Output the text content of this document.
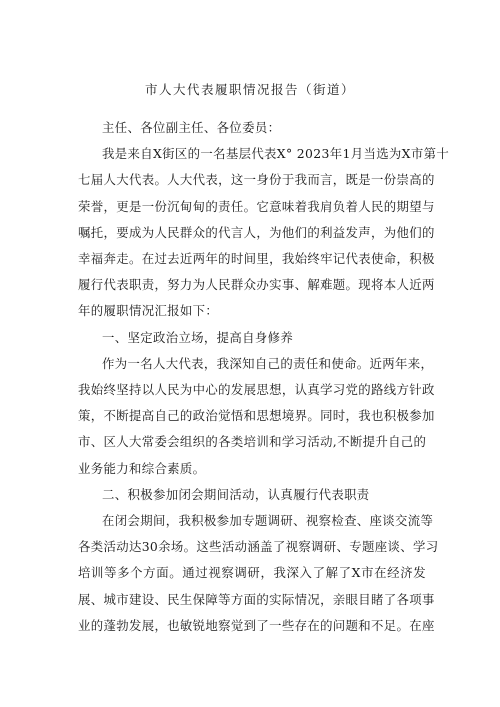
市人大代表履职情况报告（街道）
主任、各位副主任、各位委员：
我是来自X街区的一名基层代表X° 2023年1月当选为X市第十
七届人大代表。人大代表，这一身份于我而言，既是一份崇高的
荣誉，更是一份沉甸甸的责任。它意味着我肩负着人民的期望与
嘱托，要成为人民群众的代言人，为他们的利益发声，为他们的
幸福奔走。在过去近两年的时间里，我始终牢记代表使命，积极
履行代表职责，努力为人民群众办实事、解难题。现将本人近两
年的履职情况汇报如下：
一、坚定政治立场，提高自身修养
作为一名人大代表，我深知自己的责任和使命。近两年来，
我始终坚持以人民为中心的发展思想，认真学习党的路线方针政
策，不断提高自己的政治觉悟和思想境界。同时，我也积极参加
市、区人大常委会组织的各类培训和学习活动,不断提升自己的
业务能力和综合素质。
二、积极参加闭会期间活动，认真履行代表职责
在闭会期间，我积极参加专题调研、视察检查、座谈交流等
各类活动达30余场。这些活动涵盖了视察调研、专题座谈、学习
培训等多个方面。通过视察调研，我深入了解了X市在经济发
展、城市建设、民生保障等方面的实际情况，亲眼目睹了各项事
业的蓬勃发展，也敏锐地察觉到了一些存在的问题和不足。在座
